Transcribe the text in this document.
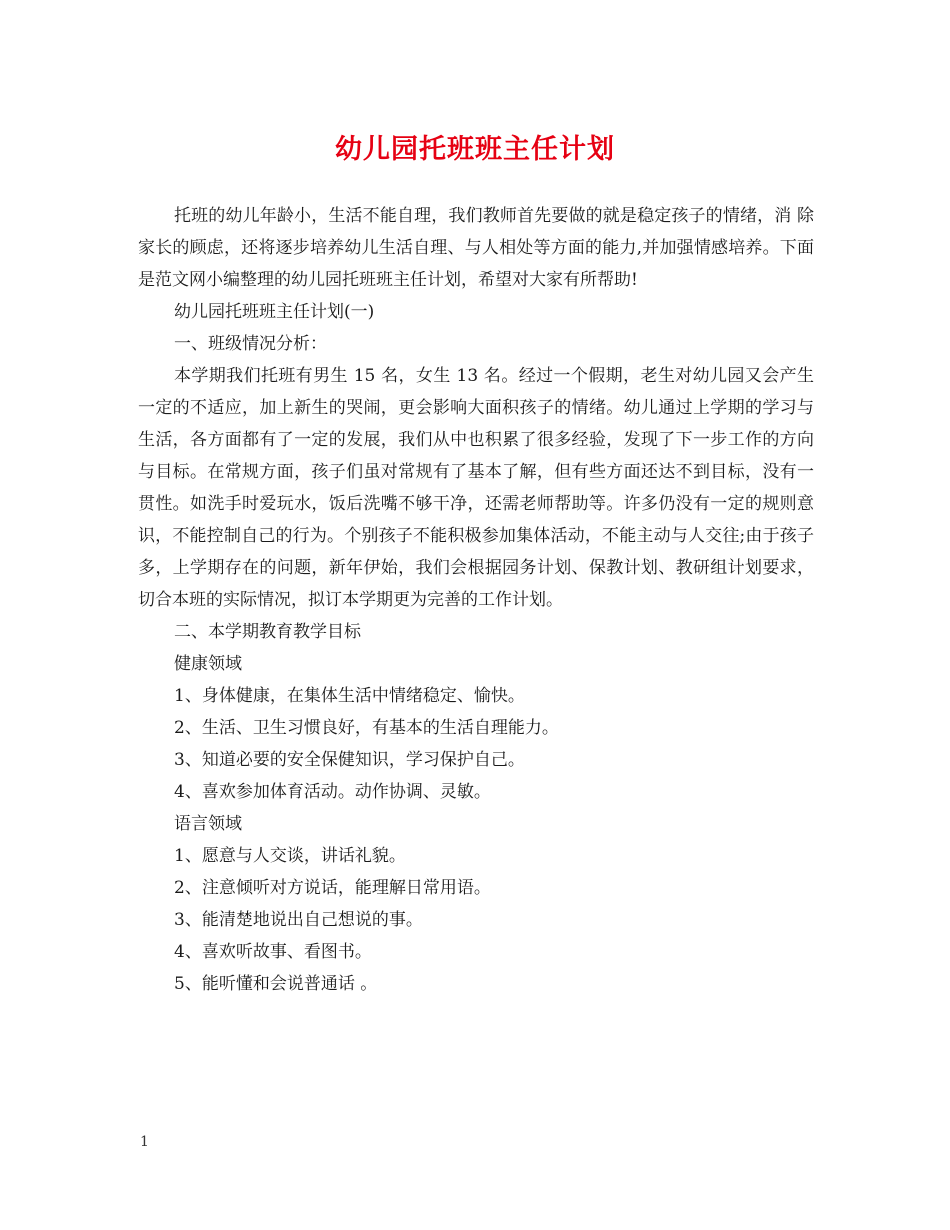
幼儿园托班班主任计划

托班的幼儿年龄小，生活不能自理，我们教师首先要做的就是稳定孩子的情绪，消 除家长的顾虑，还将逐步培养幼儿生活自理、与人相处等方面的能力,并加强情感培养。下面是范文网小编整理的幼儿园托班班主任计划，希望对大家有所帮助!

幼儿园托班班主任计划(一)

一、班级情况分析：

本学期我们托班有男生 15 名，女生 13 名。经过一个假期，老生对幼儿园又会产生一定的不适应，加上新生的哭闹，更会影响大面积孩子的情绪。幼儿通过上学期的学习与生活，各方面都有了一定的发展，我们从中也积累了很多经验，发现了下一步工作的方向与目标。在常规方面，孩子们虽对常规有了基本了解，但有些方面还达不到目标，没有一贯性。如洗手时爱玩水，饭后洗嘴不够干净，还需老师帮助等。许多仍没有一定的规则意识，不能控制自己的行为。个别孩子不能积极参加集体活动，不能主动与人交往;由于孩子多，上学期存在的问题，新年伊始，我们会根据园务计划、保教计划、教研组计划要求，切合本班的实际情况，拟订本学期更为完善的工作计划。

二、本学期教育教学目标

健康领域

1、身体健康，在集体生活中情绪稳定、愉快。

2、生活、卫生习惯良好，有基本的生活自理能力。

3、知道必要的安全保健知识，学习保护自己。

4、喜欢参加体育活动。动作协调、灵敏。

语言领域

1、愿意与人交谈，讲话礼貌。

2、注意倾听对方说话，能理解日常用语。

3、能清楚地说出自己想说的事。

4、喜欢听故事、看图书。

5、能听懂和会说普通话 。

1
